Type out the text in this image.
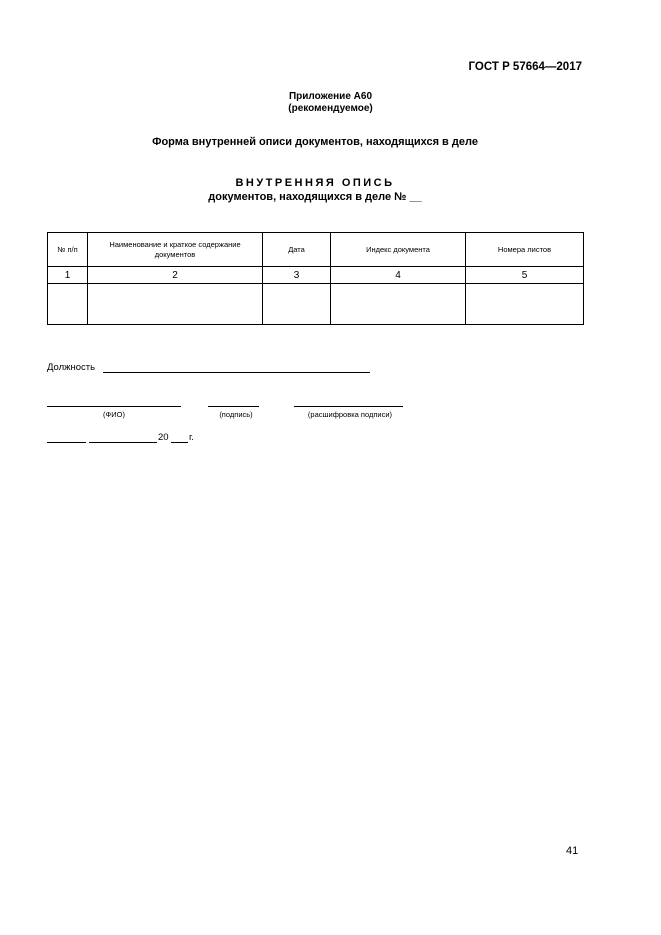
ГОСТ Р 57664—2017
Приложение А60
(рекомендуемое)
Форма внутренней описи документов, находящихся в деле
ВНУТРЕННЯЯ ОПИСЬ
документов, находящихся в деле № __
№ п/п	Наименование и краткое содержание документов	Дата	Индекс документа	Номера листов
1	2	3	4	5

Должность
(ФИО)	(подпись)	(расшифровка подписи)
20 г.
41
